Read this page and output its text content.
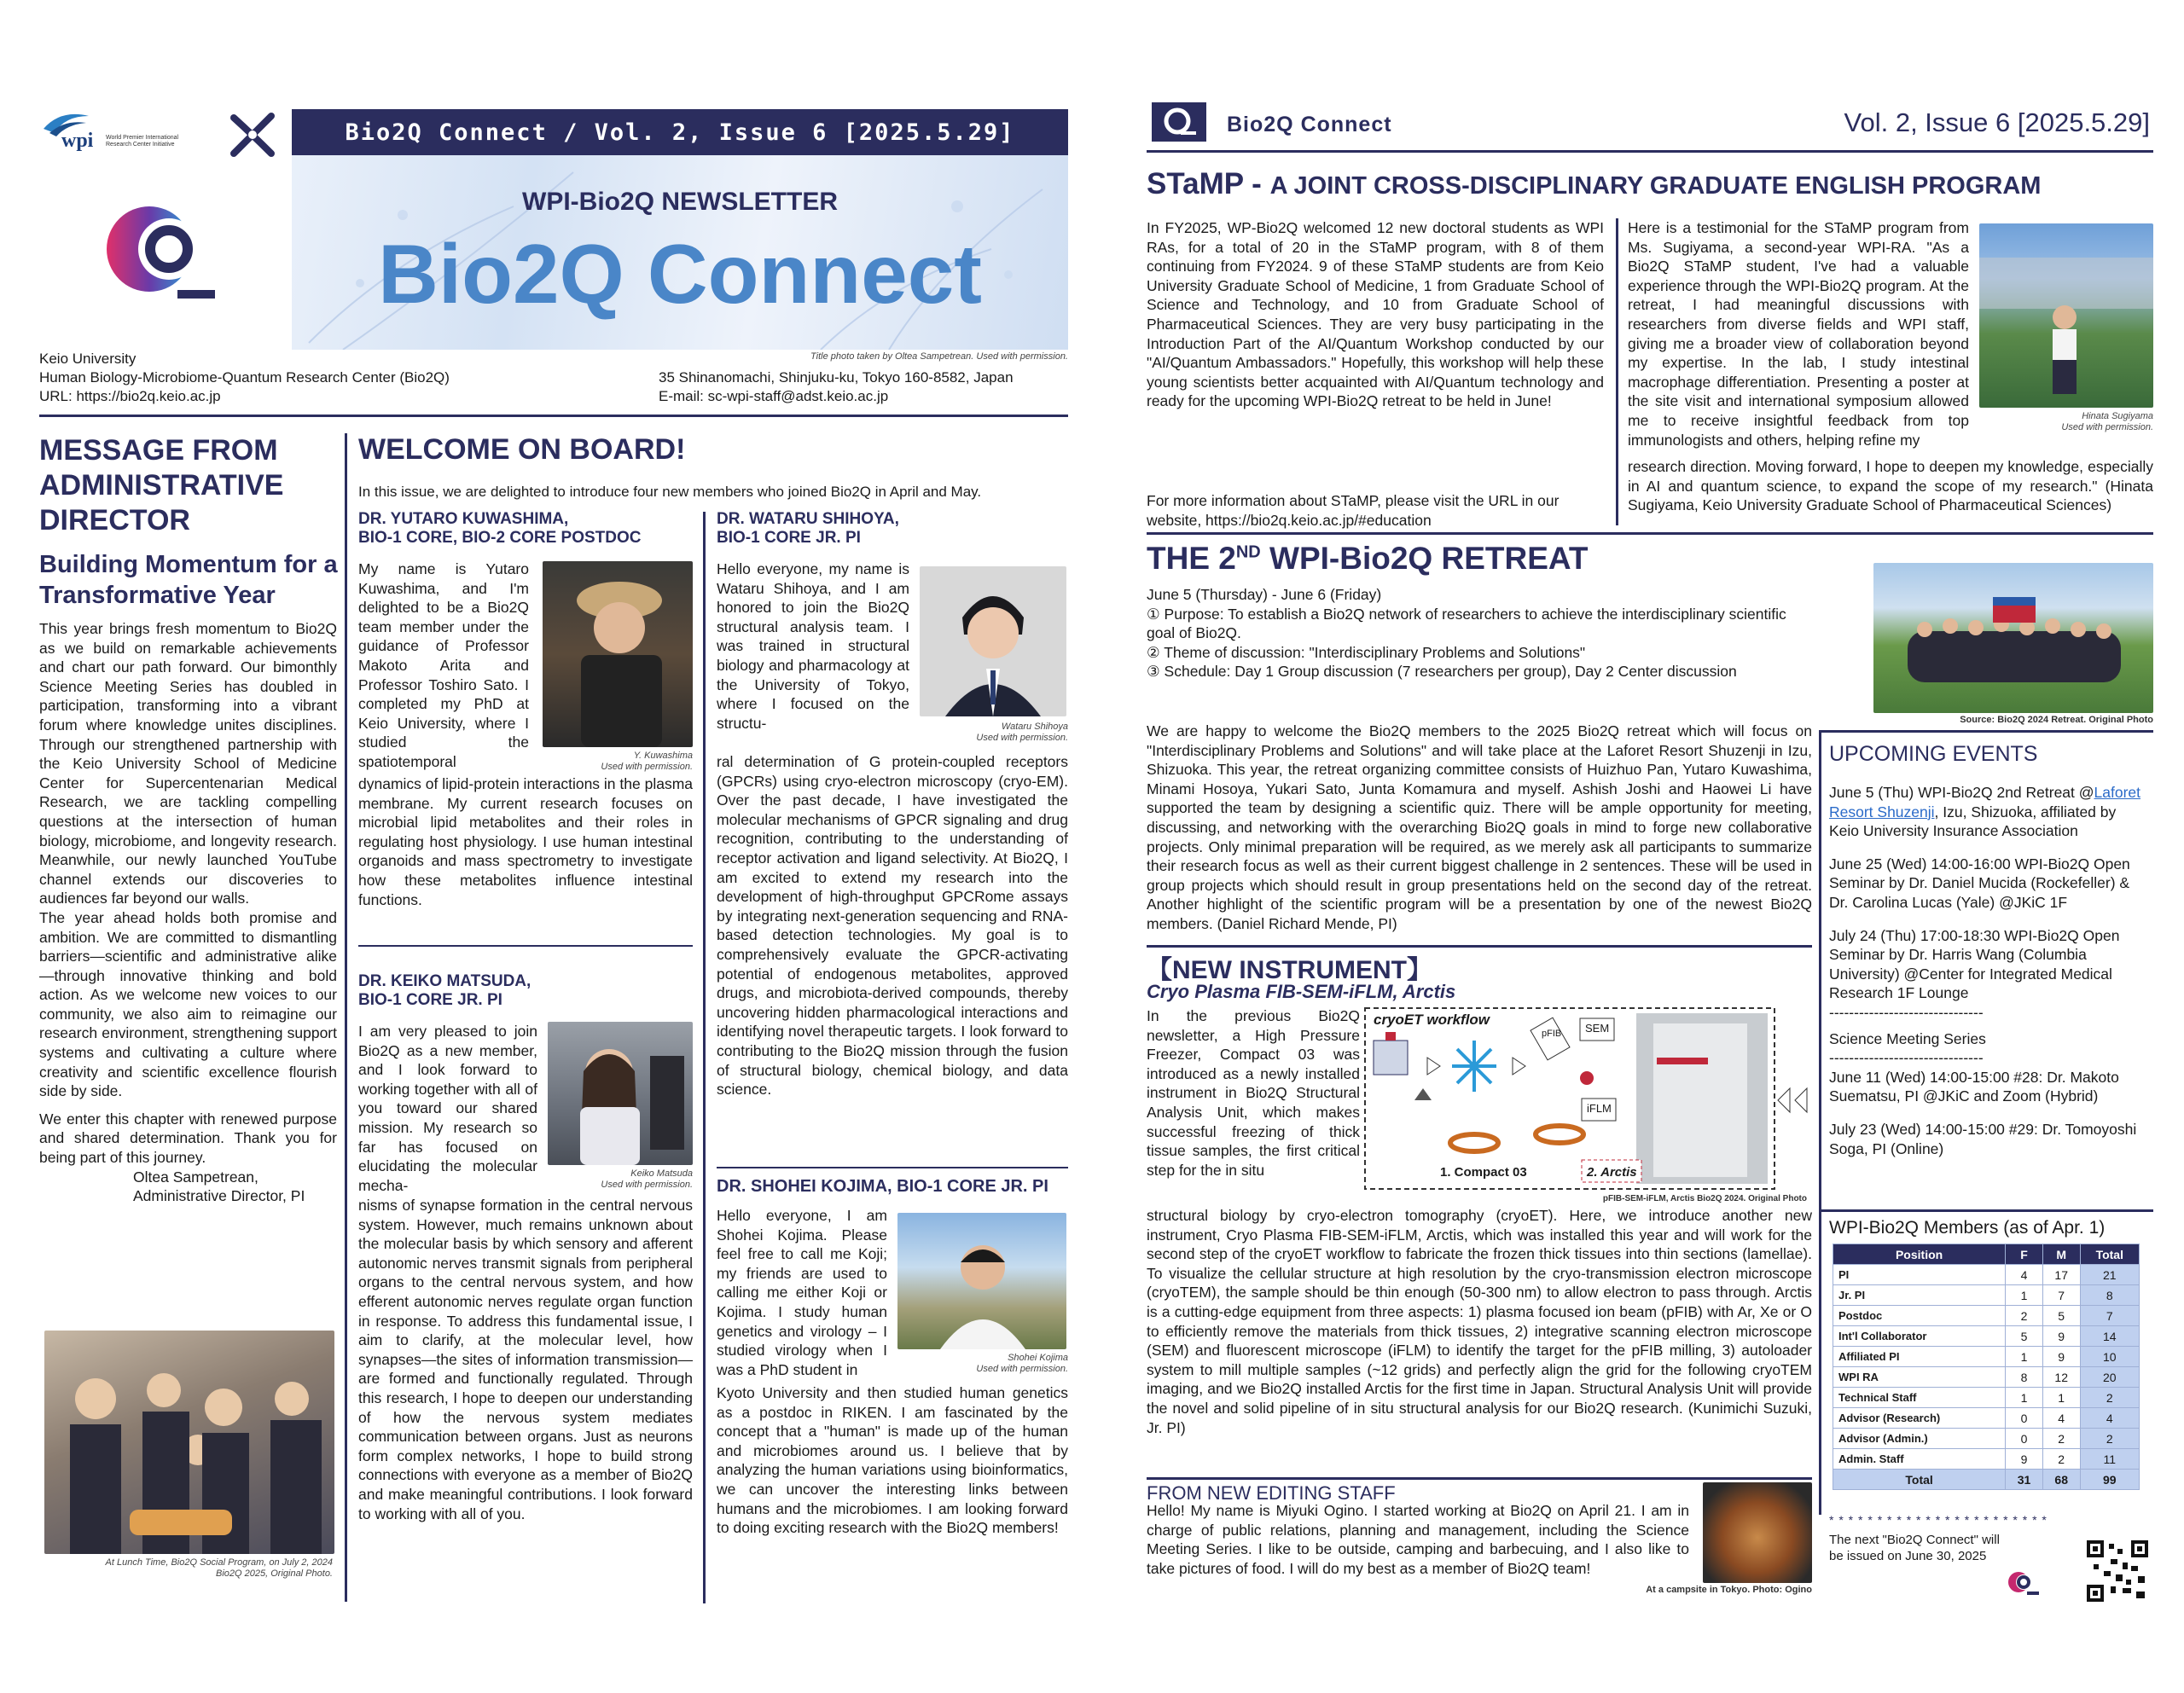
wpi World Premier International Research Center Initiative	Bio2Q Connect / Vol. 2, Issue 6 [2025.5.29]
WPI-Bio2Q NEWSLETTER
Bio2Q Connect
Title photo taken by Oltea Sampetrean. Used with permission.
Keio University
Human Biology-Microbiome-Quantum Research Center (Bio2Q)
URL: https://bio2q.keio.ac.jp
35 Shinanomachi, Shinjuku-ku, Tokyo 160-8582, Japan
E-mail: sc-wpi-staff@adst.keio.ac.jp
MESSAGE FROM ADMINISTRATIVE DIRECTOR
Building Momentum for a Transformative Year
This year brings fresh momentum to Bio2Q as we build on remarkable achievements and chart our path forward. Our bimonthly Science Meeting Series has doubled in participation, transforming into a vibrant forum where knowledge unites disciplines. Through our strengthened partnership with the Keio University School of Medicine Center for Supercentenarian Medical Research, we are tackling compelling questions at the intersection of human biology, microbiome, and longevity research. Meanwhile, our newly launched YouTube channel extends our discoveries to audiences far beyond our walls.
The year ahead holds both promise and ambition. We are committed to dismantling barriers—scientific and administrative alike—through innovative thinking and bold action. As we welcome new voices to our community, we also aim to reimagine our research environment, strengthening support systems and cultivating a culture where creativity and scientific excellence flourish side by side.
We enter this chapter with renewed purpose and shared determination. Thank you for being part of this journey.
Oltea Sampetrean,
Administrative Director, PI
At Lunch Time, Bio2Q Social Program, on July 2, 2024
Bio2Q 2025, Original Photo.
WELCOME ON BOARD!
In this issue, we are delighted to introduce four new members who joined Bio2Q in April and May.
DR. YUTARO KUWASHIMA,
BIO-1 CORE, BIO-2 CORE POSTDOC
My name is Yutaro Kuwashima, and I'm delighted to be a Bio2Q team member under the guidance of Professor Makoto Arita and Professor Toshiro Sato. I completed my PhD at Keio University, where I studied the spatiotemporal	Y. Kuwashima
Used with permission.
dynamics of lipid-protein interactions in the plasma membrane. My current research focuses on microbial lipid metabolites and their roles in regulating host physiology. I use human intestinal organoids and mass spectrometry to investigate how these metabolites influence intestinal functions.
DR. KEIKO MATSUDA,
BIO-1 CORE JR. PI
I am very pleased to join Bio2Q as a new member, and I look forward to working together with all of you toward our shared mission. My research so far has focused on elucidating the molecular mecha-
Keiko Matsuda
Used with permission.
nisms of synapse formation in the central nervous system. However, much remains unknown about the molecular basis by which sensory and afferent autonomic nerves transmit signals from peripheral organs to the central nervous system, and how efferent autonomic nerves regulate organ function in response. To address this fundamental issue, I aim to clarify, at the molecular level, how synapses—the sites of information transmission—are formed and functionally regulated. Through this research, I hope to deepen our understanding of how the nervous system mediates communication between organs. Just as neurons form complex networks, I hope to build strong connections with everyone as a member of Bio2Q and make meaningful contributions. I look forward to working with all of you.
DR. WATARU SHIHOYA,
BIO-1 CORE JR. PI
Hello everyone, my name is Wataru Shihoya, and I am honored to join the Bio2Q structural analysis team. I was trained in structural biology and pharmacology at the University of Tokyo, where I focused on the structu-	Wataru Shihoya
Used with permission.
ral determination of G protein-coupled receptors (GPCRs) using cryo-electron microscopy (cryo-EM). Over the past decade, I have investigated the molecular mechanisms of GPCR signaling and drug recognition, contributing to the understanding of receptor activation and ligand selectivity. At Bio2Q, I am excited to extend my research into the development of high-throughput GPCRome assays by integrating next-generation sequencing and RNA-based detection technologies. My goal is to comprehensively evaluate the GPCR-activating potential of endogenous metabolites, approved drugs, and microbiota-derived compounds, thereby uncovering hidden pharmacological interactions and identifying novel therapeutic targets. I look forward to contributing to the Bio2Q mission through the fusion of structural biology, chemical biology, and data science.
DR. SHOHEI KOJIMA, BIO-1 CORE JR. PI
Hello everyone, I am Shohei Kojima. Please feel free to call me Koji; my friends are used to calling me either Koji or Kojima. I study human genetics and virology – I studied virology when I was a PhD student in
Shohei Kojima
Used with permission.
Kyoto University and then studied human genetics as a postdoc in RIKEN. I am fascinated by the concept that a "human" is made up of the human and microbiomes around us. I believe that by analyzing the human variations using bioinformatics, we can uncover the interesting links between humans and the microbiomes. I am looking forward to doing exciting research with the Bio2Q members!
Bio2Q Connect	Vol. 2, Issue 6 [2025.5.29]
STaMP - A JOINT CROSS-DISCIPLINARY GRADUATE ENGLISH PROGRAM
In FY2025, WP-Bio2Q welcomed 12 new doctoral students as WPI RAs, for a total of 20 in the STaMP program, with 8 of them continuing from FY2024. 9 of these STaMP students are from Keio University Graduate School of Medicine, 1 from Graduate School of Science and Technology, and 10 from Graduate School of Pharmaceutical Sciences. They are very busy participating in the Introduction Part of the AI/Quantum Workshop conducted by our "AI/Quantum Ambassadors." Hopefully, this workshop will help these young scientists better acquainted with AI/Quantum technology and ready for the upcoming WPI-Bio2Q retreat to be held in June!
For more information about STaMP, please visit the URL in our website, https://bio2q.keio.ac.jp/#education
Here is a testimonial for the STaMP program from Ms. Sugiyama, a second-year WPI-RA. "As a Bio2Q STaMP student, I've had a valuable experience through the WPI-Bio2Q program. At the retreat, I had meaningful discussions with researchers from diverse fields and WPI staff, giving me a broader view of collaboration beyond my expertise. In the lab, I study intestinal macrophage differentiation. Presenting a poster at the site visit and international symposium allowed me to receive insightful feedback from top immunologists and others, helping refine my
Hinata Sugiyama
Used with permission.
research direction. Moving forward, I hope to deepen my knowledge, especially in AI and quantum science, to expand the scope of my research." (Hinata Sugiyama, Keio University Graduate School of Pharmaceutical Sciences)
THE 2ND WPI-Bio2Q RETREAT
June 5 (Thursday) - June 6 (Friday)
① Purpose: To establish a Bio2Q network of researchers to achieve the interdisciplinary scientific goal of Bio2Q.
② Theme of discussion: "Interdisciplinary Problems and Solutions"
③ Schedule: Day 1 Group discussion (7 researchers per group), Day 2 Center discussion
Source: Bio2Q 2024 Retreat. Original Photo
We are happy to welcome the Bio2Q members to the 2025 Bio2Q retreat which will focus on "Interdisciplinary Problems and Solutions" and will take place at the Laforet Resort Shuzenji in Izu, Shizuoka. This year, the retreat organizing committee consists of Huizhuo Pan, Yutaro Kuwashima, Minami Hosoya, Yukari Sato, Junta Komamura and myself. Ashish Joshi and Haowei Li have supported the team by designing a scientific quiz. There will be ample opportunity for meeting, discussing, and networking with the overarching Bio2Q goals in mind to forge new collaborative projects. Only minimal preparation will be required, as we merely ask all participants to summarize their research focus as well as their current biggest challenge in 2 sentences. These will be used in group projects which should result in group presentations held on the second day of the retreat. Another highlight of the scientific program will be a presentation by one of the newest Bio2Q members. (Daniel Richard Mende, PI)
【NEW INSTRUMENT】
Cryo Plasma FIB-SEM-iFLM, Arctis
In the previous Bio2Q newsletter, a High Pressure Freezer, Compact 03 was introduced as a newly installed instrument in Bio2Q Structural Analysis Unit, which makes successful freezing of thick tissue samples, the first critical step for the in situ
cryoET workflow
pFIB SEM
iFLM
1. Compact 03	2. Arctis
pFIB-SEM-iFLM, Arctis Bio2Q 2024. Original Photo
structural biology by cryo-electron tomography (cryoET). Here, we introduce another new instrument, Cryo Plasma FIB-SEM-iFLM, Arctis, which was installed this year and will work for the second step of the cryoET workflow to fabricate the frozen thick tissues into thin sections (lamellae). To visualize the cellular structure at high resolution by the cryo-transmission electron microscope (cryoTEM), the sample should be thin enough (50-300 nm) to allow electron to pass through. Arctis is a cutting-edge equipment from three aspects: 1) plasma focused ion beam (pFIB) with Ar, Xe or O to efficiently remove the materials from thick tissues, 2) integrative scanning electron microscope (SEM) and fluorescent microscope (iFLM) to identify the target for the pFIB milling, 3) autoloader system to mill multiple samples (~12 grids) and perfectly align the grid for the following cryoTEM imaging, and we Bio2Q installed Arctis for the first time in Japan. Structural Analysis Unit will provide the novel and solid pipeline of in situ structural analysis for our Bio2Q research. (Kunimichi Suzuki, Jr. PI)
FROM NEW EDITING STAFF
Hello! My name is Miyuki Ogino. I started working at Bio2Q on April 21. I am in charge of public relations, planning and management, including the Science Meeting Series. I like to be outside, camping and barbecuing, and I also like to take pictures of food. I will do my best as a member of Bio2Q team!
At a campsite in Tokyo. Photo: Ogino
UPCOMING EVENTS
June 5 (Thu) WPI-Bio2Q 2nd Retreat @Laforet Resort Shuzenji, Izu, Shizuoka, affiliated by Keio University Insurance Association
June 25 (Wed) 14:00-16:00 WPI-Bio2Q Open Seminar by Dr. Daniel Mucida (Rockefeller) & Dr. Carolina Lucas (Yale) @JKiC 1F
July 24 (Thu) 17:00-18:30 WPI-Bio2Q Open Seminar by Dr. Harris Wang (Columbia University) @Center for Integrated Medical Research 1F Lounge
-------------------------------
Science Meeting Series
-------------------------------
June 11 (Wed) 14:00-15:00 #28: Dr. Makoto Suematsu, PI @JKiC and Zoom (Hybrid)
July 23 (Wed) 14:00-15:00 #29: Dr. Tomoyoshi Soga, PI (Online)
WPI-Bio2Q Members (as of Apr. 1)
Position	F	M	Total
PI	4	17	21
Jr. PI	1	7	8
Postdoc	2	5	7
Int'l Collaborator	5	9	14
Affiliated PI	1	9	10
WPI RA	8	12	20
Technical Staff	1	1	2
Advisor (Research)	0	4	4
Advisor (Admin.)	0	2	2
Admin. Staff	9	2	11
Total	31	68	99
* * * * * * * * * * * * * * * * * * * * * * *
The next "Bio2Q Connect" will be issued on June 30, 2025
